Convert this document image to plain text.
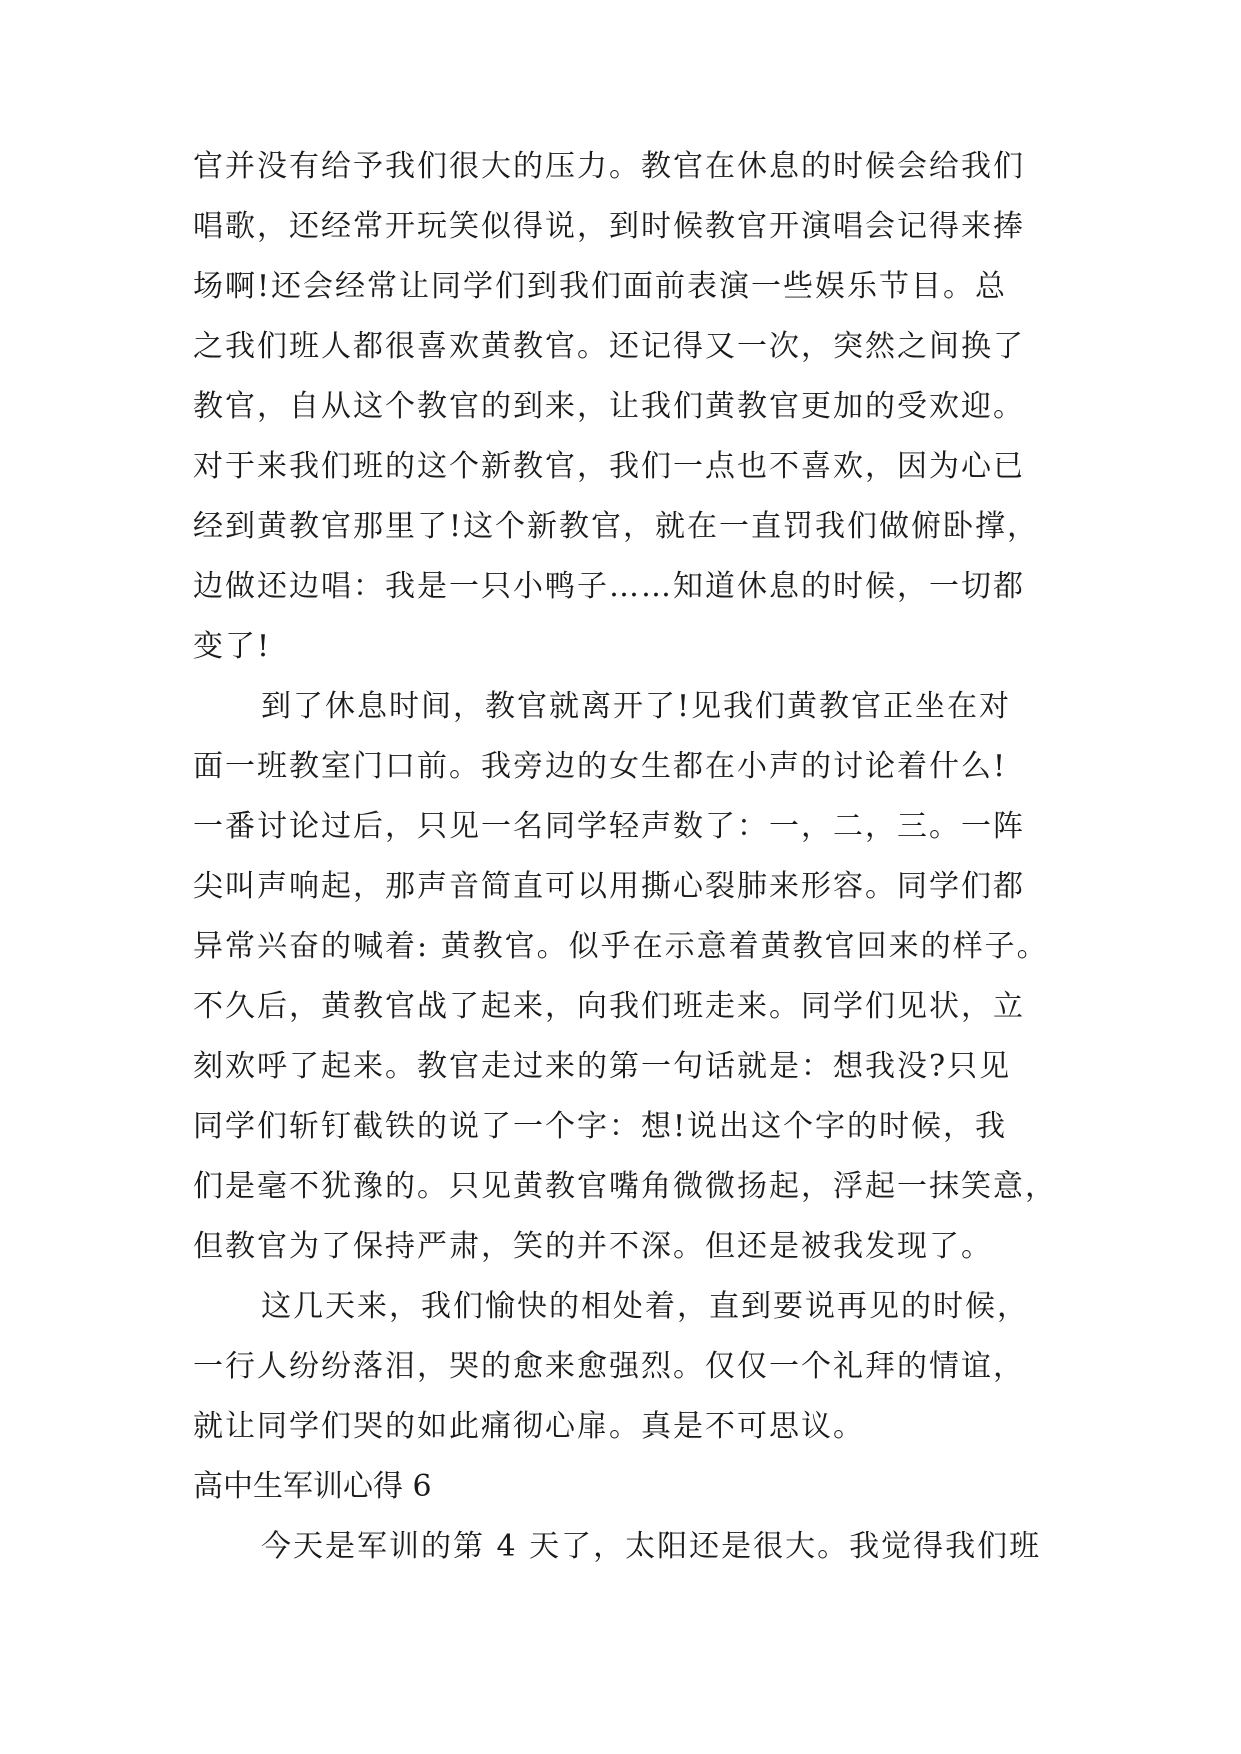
官并没有给予我们很大的压力。教官在休息的时候会给我们
唱歌，还经常开玩笑似得说，到时候教官开演唱会记得来捧
场啊!还会经常让同学们到我们面前表演一些娱乐节目。总
之我们班人都很喜欢黄教官。还记得又一次，突然之间换了
教官，自从这个教官的到来，让我们黄教官更加的受欢迎。
对于来我们班的这个新教官，我们一点也不喜欢，因为心已
经到黄教官那里了!这个新教官，就在一直罚我们做俯卧撑，
边做还边唱：我是一只小鸭子……知道休息的时候，一切都
变了!
到了休息时间，教官就离开了!见我们黄教官正坐在对
面一班教室门口前。我旁边的女生都在小声的讨论着什么!
一番讨论过后，只见一名同学轻声数了：一，二，三。一阵
尖叫声响起，那声音简直可以用撕心裂肺来形容。同学们都
异常兴奋的喊着: 黄教官。似乎在示意着黄教官回来的样子。
不久后，黄教官战了起来，向我们班走来。同学们见状，立
刻欢呼了起来。教官走过来的第一句话就是：想我没?只见
同学们斩钉截铁的说了一个字：想!说出这个字的时候，我
们是毫不犹豫的。只见黄教官嘴角微微扬起，浮起一抹笑意，
但教官为了保持严肃，笑的并不深。但还是被我发现了。
这几天来，我们愉快的相处着，直到要说再见的时候，
一行人纷纷落泪，哭的愈来愈强烈。仅仅一个礼拜的情谊，
就让同学们哭的如此痛彻心扉。真是不可思议。
高中生军训心得 6
今天是军训的第 4 天了，太阳还是很大。我觉得我们班
